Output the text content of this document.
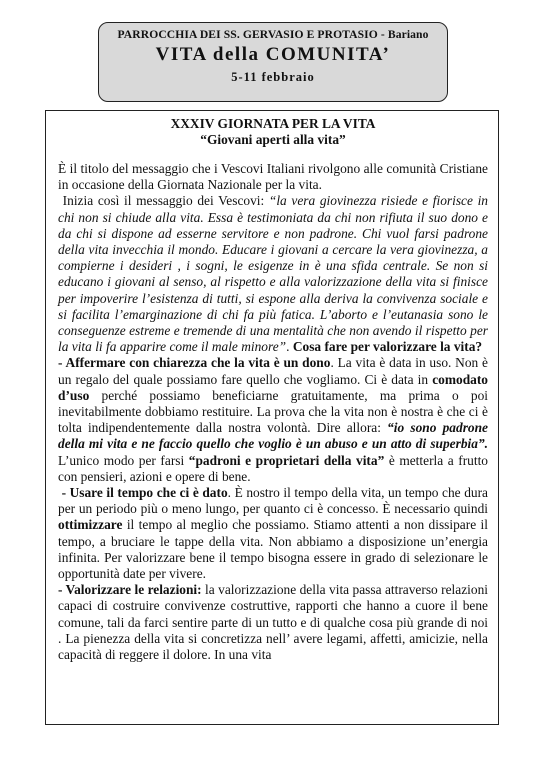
PARROCCHIA DEI SS. GERVASIO E PROTASIO - Bariano
VITA della COMUNITA’
5-11 febbraio
XXXIV GIORNATA PER LA VITA
“Giovani aperti alla vita”

È il titolo del messaggio che i Vescovi Italiani rivolgono alle comunità Cristiane in occasione della Giornata Nazionale per la vita.

Inizia così il messaggio dei Vescovi: “la vera giovinezza risiede e fiorisce in chi non si chiude alla vita. Essa è testimoniata da chi non rifiuta il suo dono e da chi si dispone ad esserne servitore e non padrone. Chi vuol farsi padrone della vita invecchia il mondo. Educare i giovani a cercare la vera giovinezza, a compierne i desideri , i sogni, le esigenze in è una sfida centrale. Se non si educano i giovani al senso, al rispetto e alla valorizzazione della vita si finisce per impoverire l’esistenza di tutti, si espone alla deriva la convivenza sociale e si facilita l’emarginazione di chi fa più fatica. L’aborto e l’eutanasia sono le conseguenze estreme e tremende di una mentalità che non avendo il rispetto per la vita li fa apparire come il male minore”. Cosa fare per valorizzare la vita?

- Affermare con chiarezza che la vita è un dono. La vita è data in uso. Non è un regalo del quale possiamo fare quello che vogliamo. Ci è data in comodato d’uso perché possiamo beneficiarne gratuitamente, ma prima o poi inevitabilmente dobbiamo restituire. La prova che la vita non è nostra è che ci è tolta indipendentemente dalla nostra volontà. Dire allora: “io sono padrone della mi vita e ne faccio quello che voglio è un abuso e un atto di superbia”. L’unico modo per farsi “padroni e proprietari della vita” è metterla a frutto con pensieri, azioni e opere di bene.

- Usare il tempo che ci è dato. È nostro il tempo della vita, un tempo che dura per un periodo più o meno lungo, per quanto ci è concesso. È necessario quindi ottimizzare il tempo al meglio che possiamo. Stiamo attenti a non dissipare il tempo, a bruciare le tappe della vita. Non abbiamo a disposizione un’energia infinita. Per valorizzare bene il tempo bisogna essere in grado di selezionare le opportunità date per vivere.

- Valorizzare le relazioni: la valorizzazione della vita passa attraverso relazioni capaci di costruire convivenze costruttive, rapporti che hanno a cuore il bene comune, tali da farci sentire parte di un tutto e di qualche cosa più grande di noi . La pienezza della vita si concretizza nell’ avere legami, affetti, amicizie, nella capacità di reggere il dolore. In una vita
